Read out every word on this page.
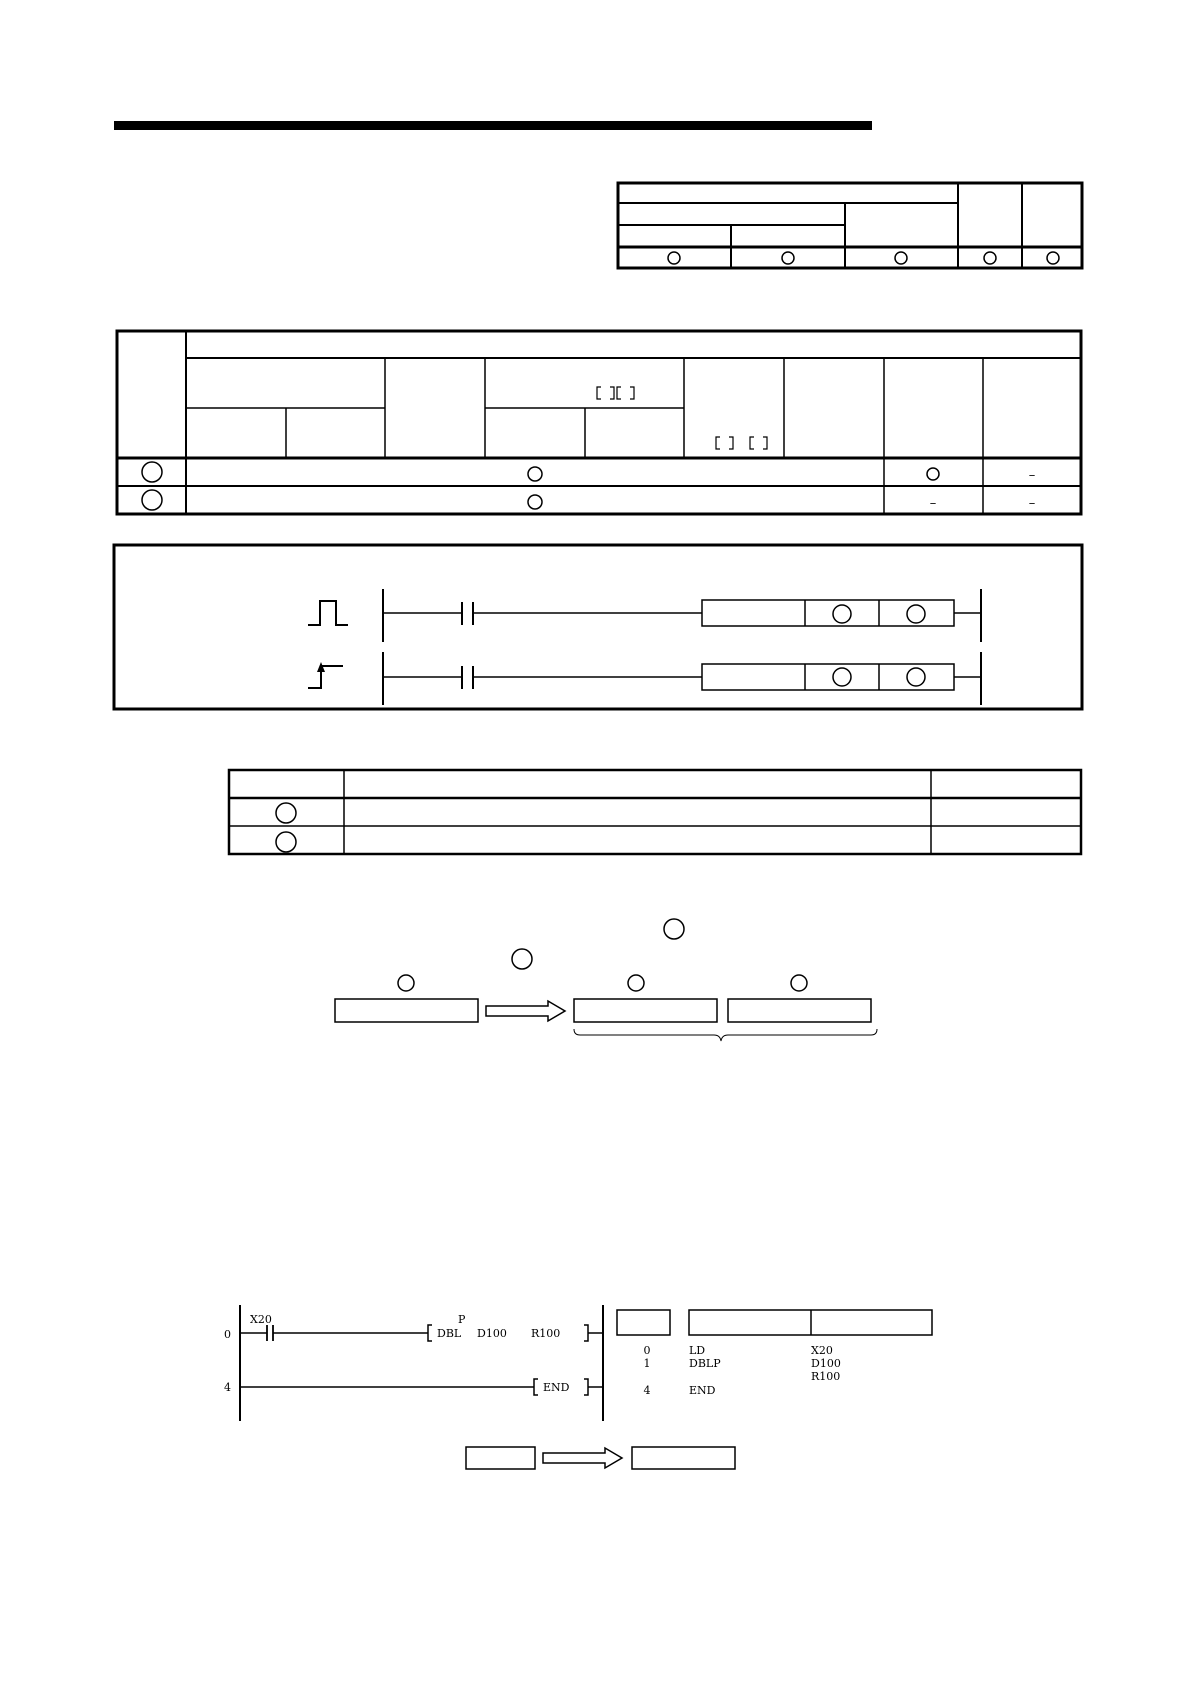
–
–	–
0
4
X20	P
DBL D100 R100
END
0	LD	X20
1	DBLP	D100
R100
4	END
